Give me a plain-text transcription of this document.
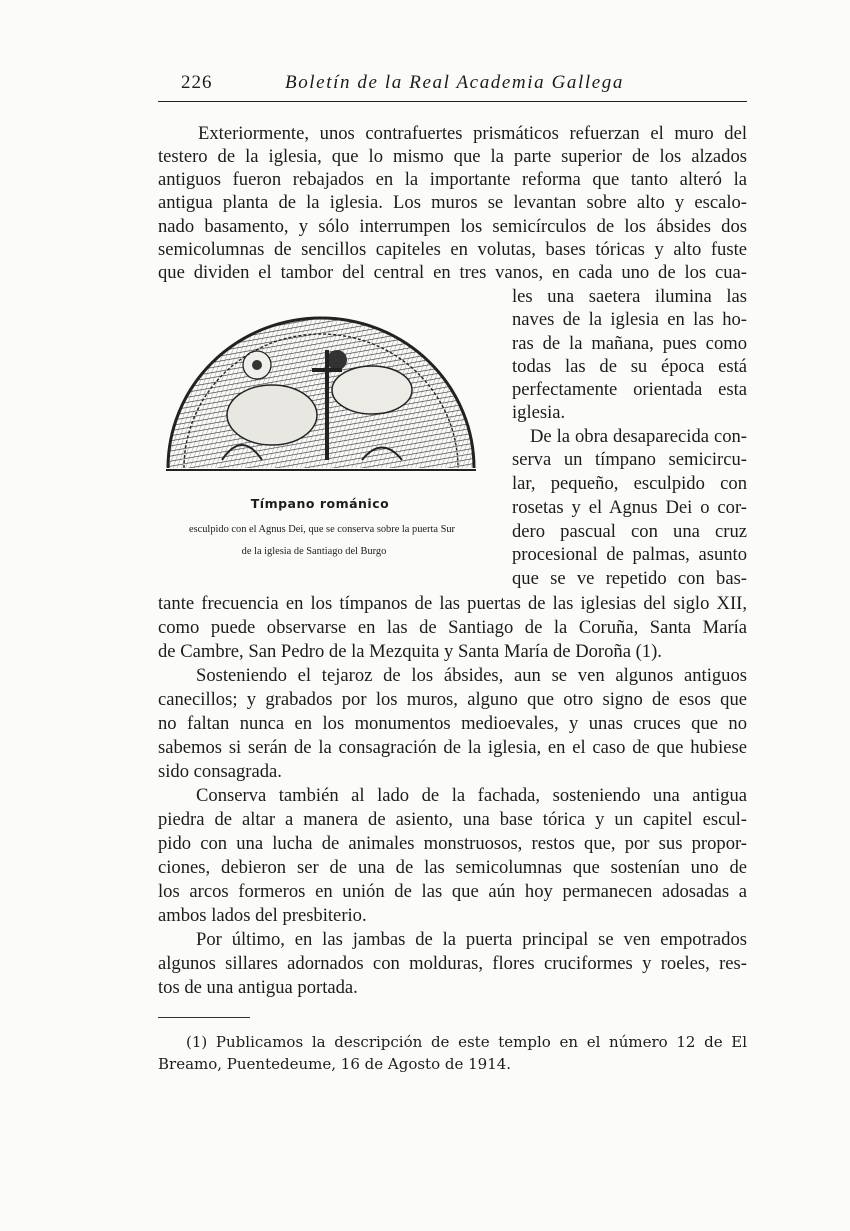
226	Boletín de la Real Academia Gallega
Exteriormente, unos contrafuertes prismáticos refuerzan el muro del
testero de la iglesia, que lo mismo que la parte superior de los alzados
antiguos fueron rebajados en la importante reforma que tanto alteró la
antigua planta de la iglesia. Los muros se levantan sobre alto y escalo-
nado basamento, y sólo interrumpen los semicírculos de los ábsides dos
semicolumnas de sencillos capiteles en volutas, bases tóricas y alto fuste
que dividen el tambor del central en tres vanos, en cada uno de los cua-
les una saetera ilumina las
naves de la iglesia en las ho-
ras de la mañana, pues como
todas las de su época está
perfectamente orientada esta
iglesia.
De la obra desaparecida con-
serva un tímpano semicircu-
lar, pequeño, esculpido con
rosetas y el Agnus Dei o cor-
dero pascual con una cruz
procesional de palmas, asunto
que se ve repetido con bas-
tante frecuencia en los tímpanos de las puertas de las iglesias del siglo XII,
como puede observarse en las de Santiago de la Coruña, Santa María
de Cambre, San Pedro de la Mezquita y Santa María de Doroña (1).
Sosteniendo el tejaroz de los ábsides, aun se ven algunos antiguos
canecillos; y grabados por los muros, alguno que otro signo de esos que
no faltan nunca en los monumentos medioevales, y unas cruces que no
sabemos si serán de la consagración de la iglesia, en el caso de que hubiese
sido consagrada.
Conserva también al lado de la fachada, sosteniendo una antigua
piedra de altar a manera de asiento, una base tórica y un capitel escul-
pido con una lucha de animales monstruosos, restos que, por sus propor-
ciones, debieron ser de una de las semicolumnas que sostenían uno de
los arcos formeros en unión de las que aún hoy permanecen adosadas a
ambos lados del presbiterio.
Por último, en las jambas de la puerta principal se ven empotrados
algunos sillares adornados con molduras, flores cruciformes y roeles, res-
tos de una antigua portada.
Tímpano románico
esculpido con el Agnus Dei, que se conserva sobre la puerta Sur
de la iglesia de Santiago del Burgo
(1) Publicamos la descripción de este templo en el número 12 de El
Breamo, Puentedeume, 16 de Agosto de 1914.
